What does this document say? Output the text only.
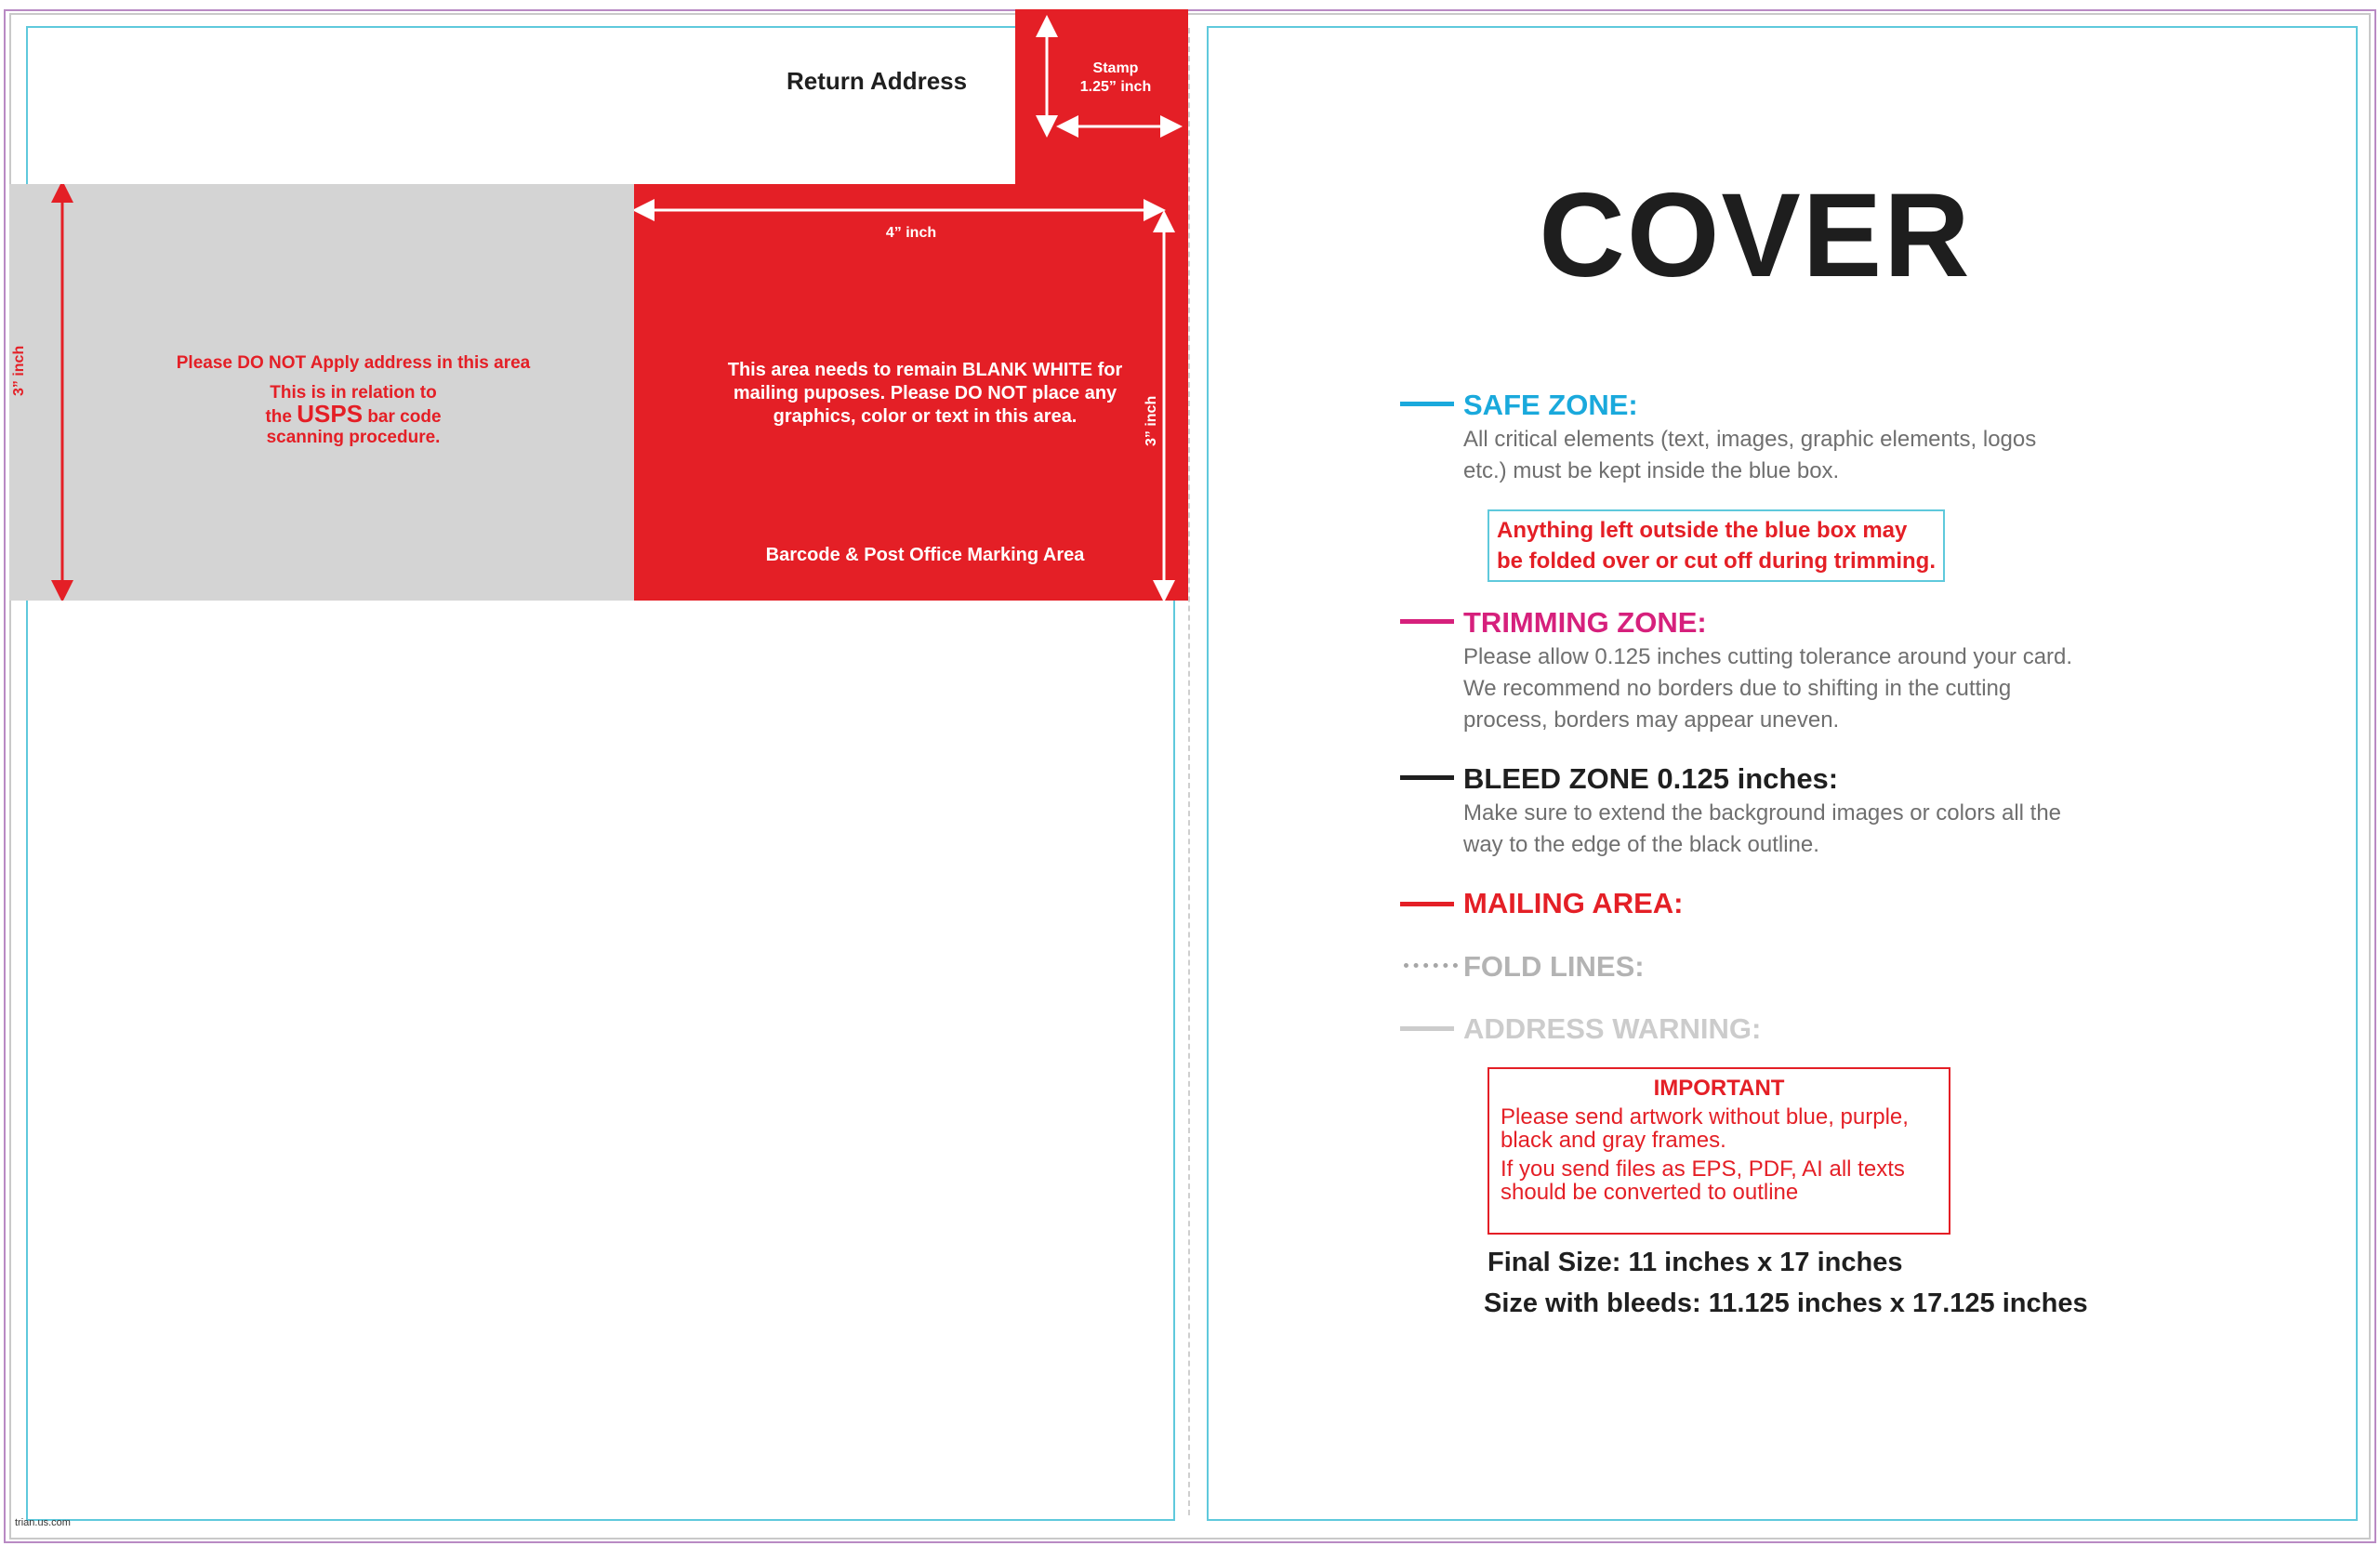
Return Address	Stamp
1.25” inch
3” inch	Please DO NOT Apply address in this area
This is in relation to
the USPS bar code
scanning procedure.
4” inch
3” inch
This area needs to remain BLANK WHITE for
mailing puposes. Please DO NOT place any
graphics, color or text in this area.
Barcode & Post Office Marking Area
trian.us.com
COVER
SAFE ZONE:
All critical elements (text, images, graphic elements, logos
etc.) must be kept inside the blue box.
Anything left outside the blue box may
be folded over or cut off during trimming.
TRIMMING ZONE:
Please allow 0.125 inches cutting tolerance around your card.
We recommend no borders due to shifting in the cutting
process, borders may appear uneven.
BLEED ZONE 0.125 inches:
Make sure to extend the background images or colors all the
way to the edge of the black outline.
MAILING AREA:
FOLD LINES:
ADDRESS WARNING:
IMPORTANT
Please send artwork without blue, purple,
black and gray frames.
If you send files as EPS, PDF, AI all texts
should be converted to outline
Final Size: 11 inches x 17 inches
Size with bleeds: 11.125 inches x 17.125 inches
